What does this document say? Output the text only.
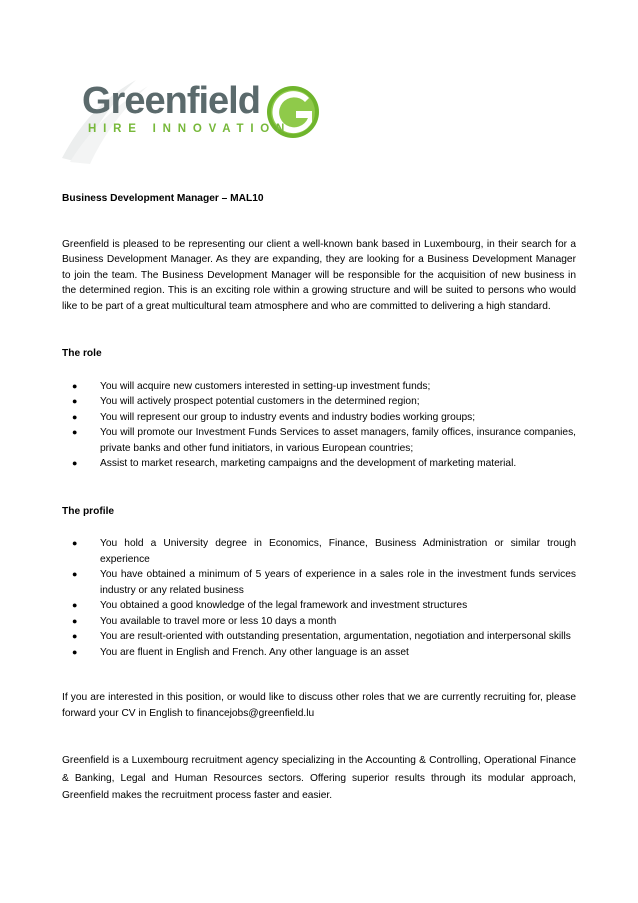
Greenfield
HIRE INNOVATION

Business Development Manager – MAL10

Greenfield is pleased to be representing our client a well-known bank based in Luxembourg, in their search for a Business Development Manager. As they are expanding, they are looking for a Business Development Manager to join the team. The Business Development Manager will be responsible for the acquisition of new business in the determined region. This is an exciting role within a growing structure and will be suited to persons who would like to be part of a great multicultural team atmosphere and who are committed to delivering a high standard.

The role

● You will acquire new customers interested in setting-up investment funds;
● You will actively prospect potential customers in the determined region;
● You will represent our group to industry events and industry bodies working groups;
● You will promote our Investment Funds Services to asset managers, family offices, insurance companies, private banks and other fund initiators, in various European countries;
● Assist to market research, marketing campaigns and the development of marketing material.

The profile

● You hold a University degree in Economics, Finance, Business Administration or similar trough experience
● You have obtained a minimum of 5 years of experience in a sales role in the investment funds services industry or any related business
● You obtained a good knowledge of the legal framework and investment structures
● You available to travel more or less 10 days a month
● You are result-oriented with outstanding presentation, argumentation, negotiation and interpersonal skills
● You are fluent in English and French. Any other language is an asset

If you are interested in this position, or would like to discuss other roles that we are currently recruiting for, please forward your CV in English to financejobs@greenfield.lu

Greenfield is a Luxembourg recruitment agency specializing in the Accounting & Controlling, Operational Finance & Banking, Legal and Human Resources sectors. Offering superior results through its modular approach, Greenfield makes the recruitment process faster and easier.
